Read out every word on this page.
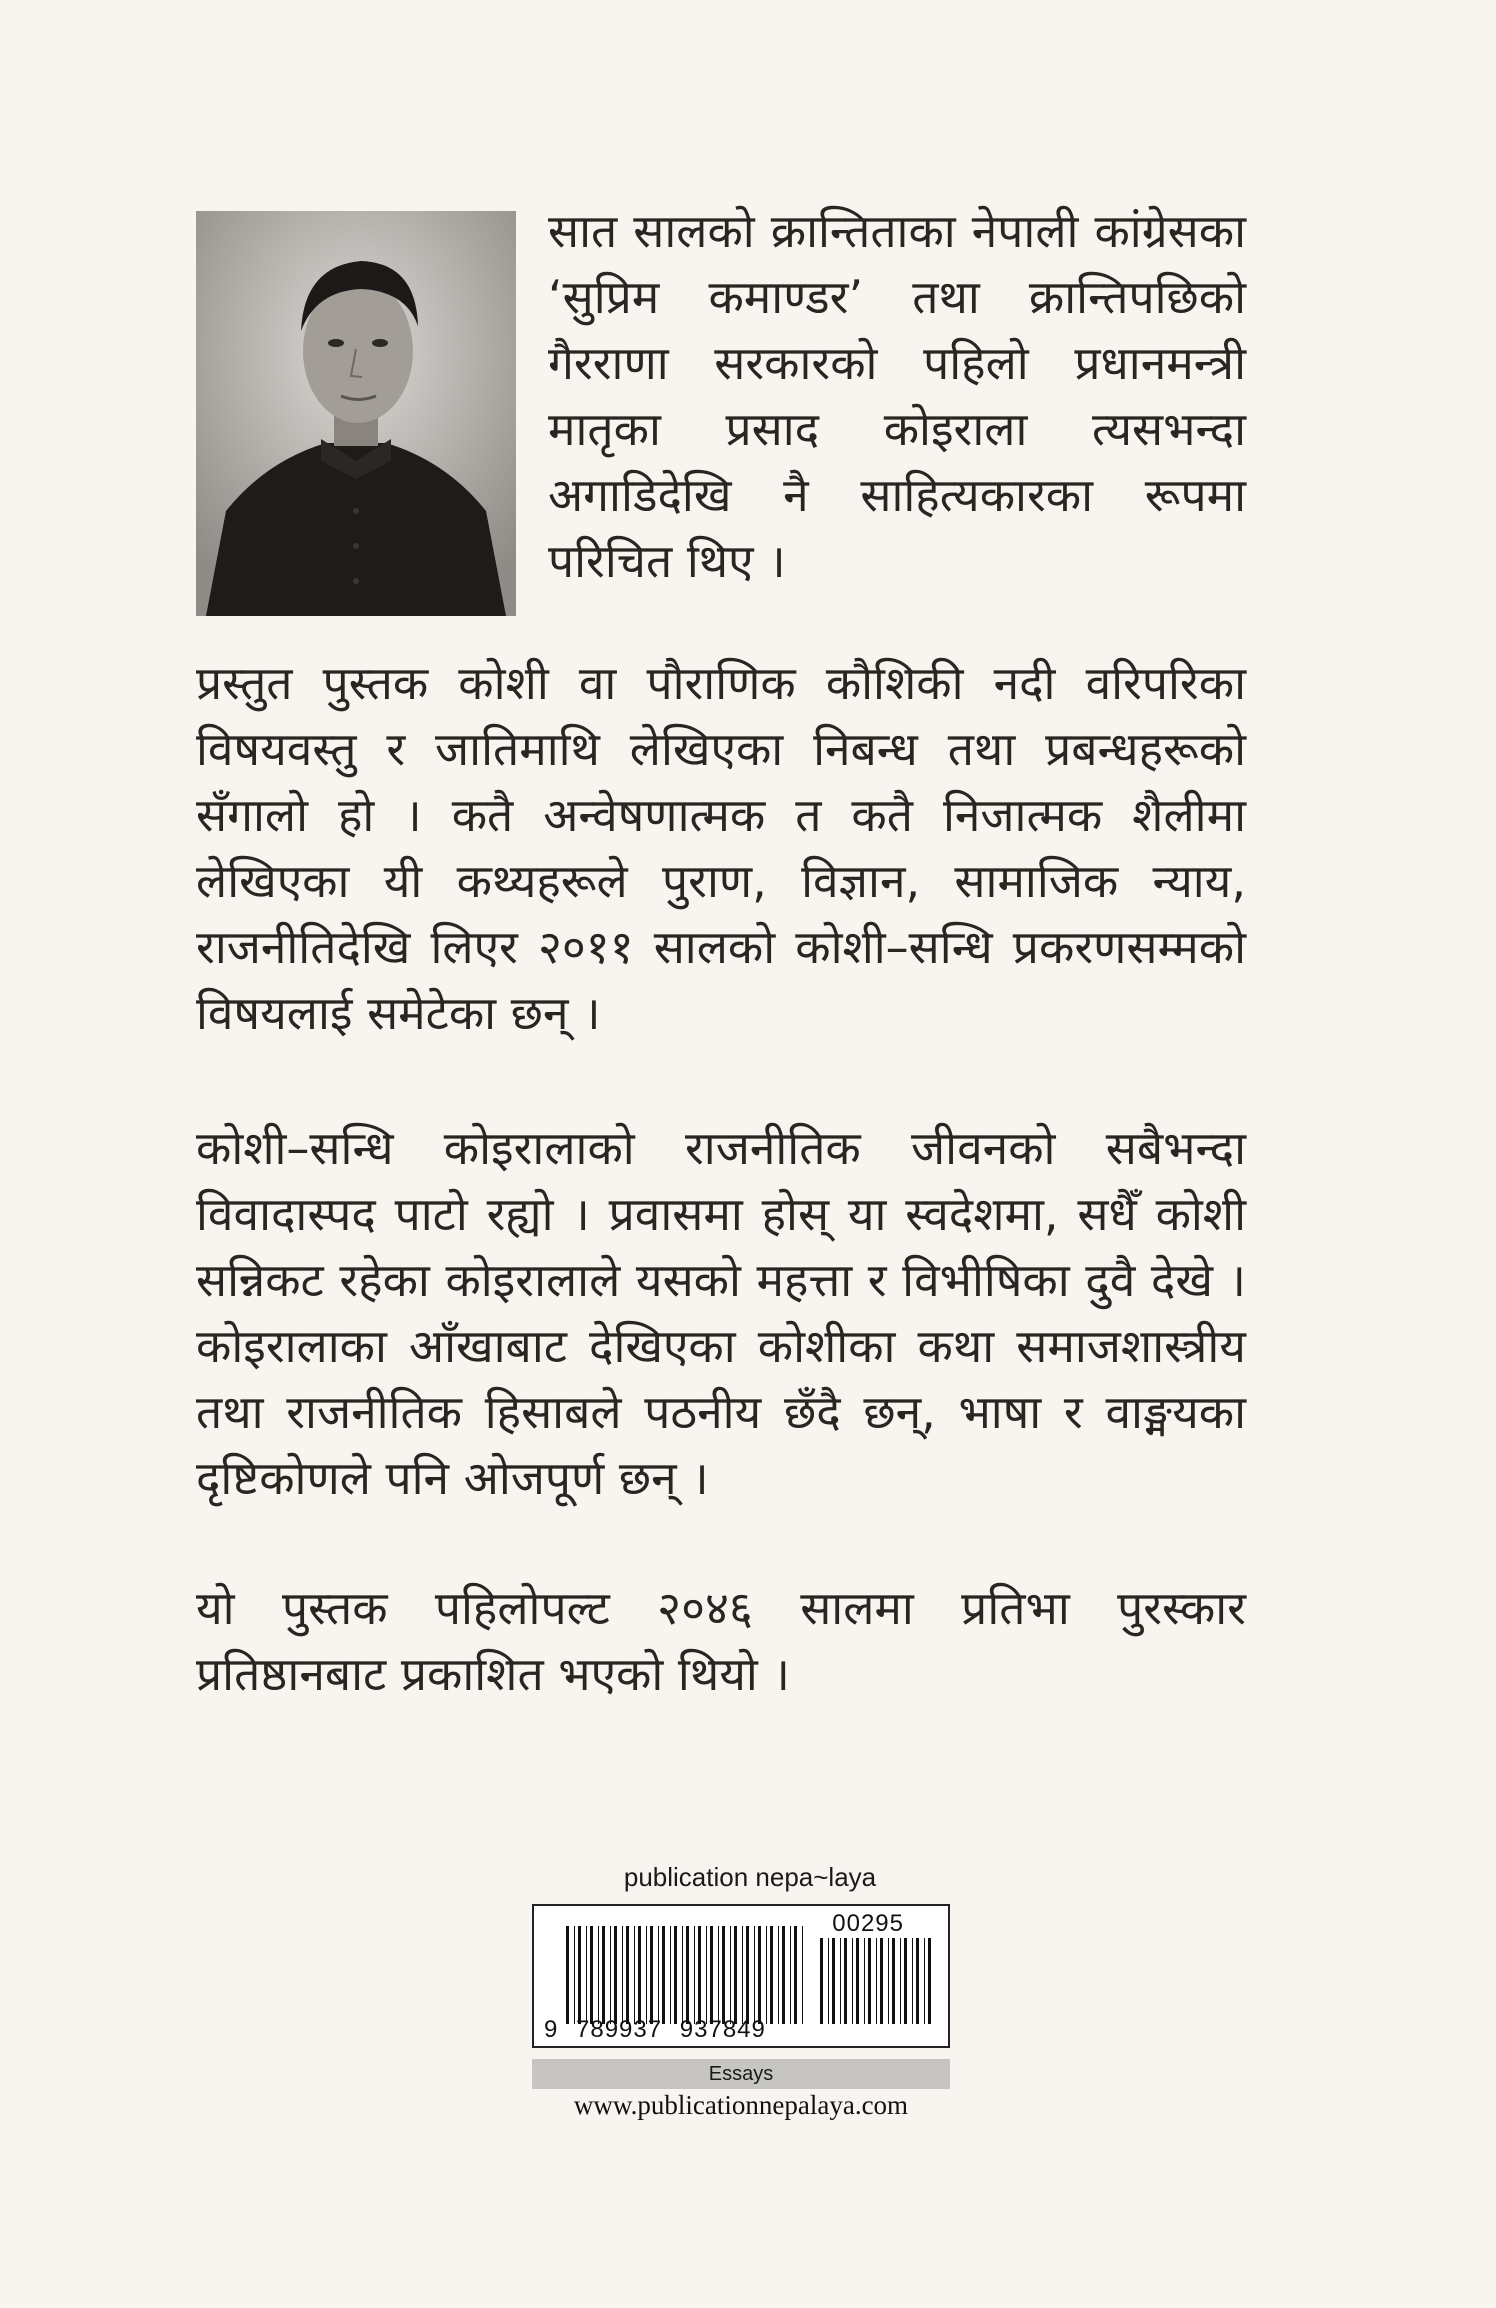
सात सालको क्रान्तिताका नेपाली कांग्रेसका ‘सुप्रिम कमाण्डर’ तथा क्रान्तिपछिको गैरराणा सरकारको पहिलो प्रधानमन्त्री मातृका प्रसाद कोइराला त्यसभन्दा अगाडिदेखि नै साहित्यकारका रूपमा परिचित थिए ।

प्रस्तुत पुस्तक कोशी वा पौराणिक कौशिकी नदी वरिपरिका विषयवस्तु र जातिमाथि लेखिएका निबन्ध तथा प्रबन्धहरूको सँगालो हो । कतै अन्वेषणात्मक त कतै निजात्मक शैलीमा लेखिएका यी कथ्यहरूले पुराण, विज्ञान, सामाजिक न्याय, राजनीतिदेखि लिएर २०११ सालको कोशी–सन्धि प्रकरणसम्मको विषयलाई समेटेका छन् ।

कोशी–सन्धि कोइरालाको राजनीतिक जीवनको सबैभन्दा विवादास्पद पाटो रह्यो । प्रवासमा होस् या स्वदेशमा, सधैँ कोशी सन्निकट रहेका कोइरालाले यसको महत्ता र विभीषिका दुवै देखे । कोइरालाका आँखाबाट देखिएका कोशीका कथा समाजशास्त्रीय तथा राजनीतिक हिसाबले पठनीय छँदै छन्, भाषा र वाङ्मयका दृष्टिकोणले पनि ओजपूर्ण छन् ।

यो पुस्तक पहिलोपल्ट २०४६ सालमा प्रतिभा पुरस्कार प्रतिष्ठानबाट प्रकाशित भएको थियो ।

publication nepa~laya
00295
9 789937 937849
Essays
www.publicationnepalaya.com
